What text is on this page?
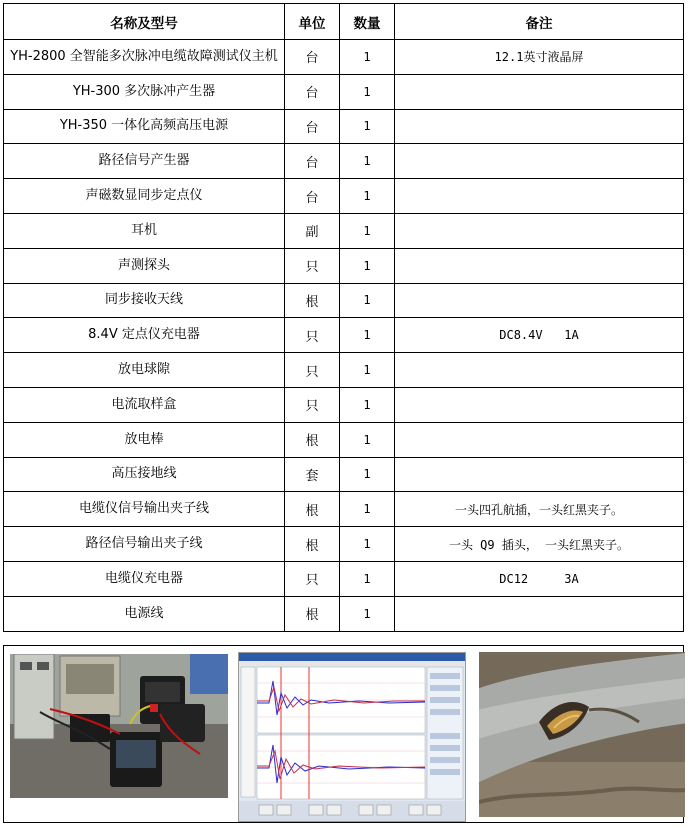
名称及型号	单位	数量	备注
YH-2800 全智能多次脉冲电缆故障测试仪主机	台	1	12.1英寸液晶屏
YH-300 多次脉冲产生器	台	1	
YH-350 一体化高频高压电源	台	1	
路径信号产生器	台	1	
声磁数显同步定点仪	台	1	
耳机	副	1	
声测探头	只	1	
同步接收天线	根	1	
8.4V 定点仪充电器	只	1	DC8.4V   1A
放电球隙	只	1	
电流取样盒	只	1	
放电棒	根	1	
高压接地线	套	1	
电缆仪信号输出夹子线	根	1	一头四孔航插，一头红黑夹子。
路径信号输出夹子线	根	1	一头 Q9 插头， 一头红黑夹子。
电缆仪充电器	只	1	DC12     3A
电源线	根	1	
